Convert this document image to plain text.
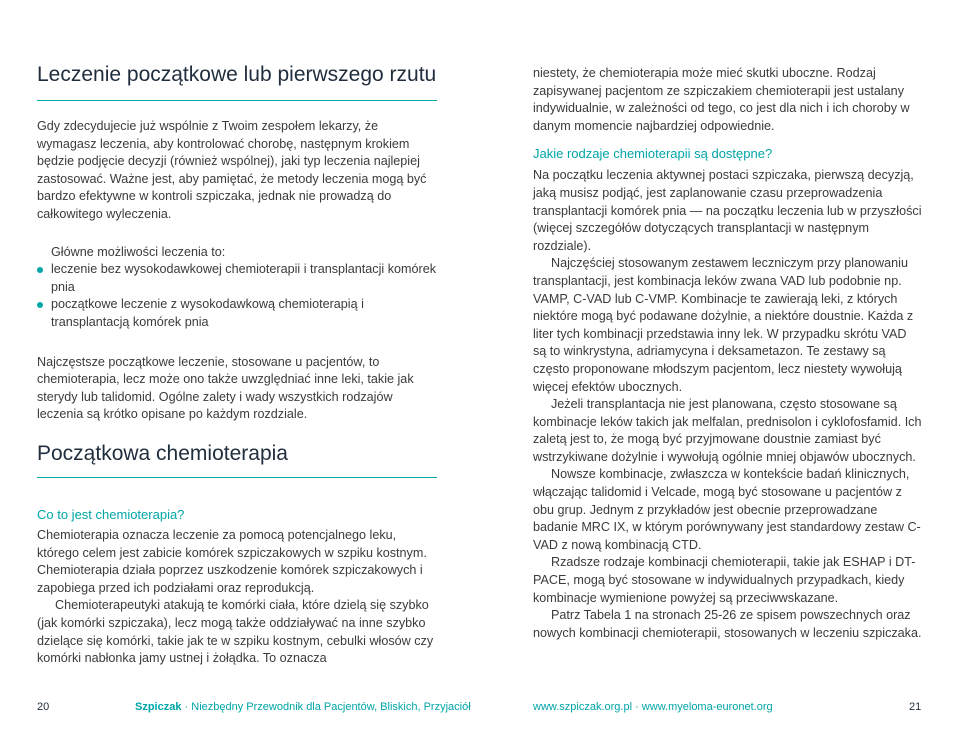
Leczenie początkowe lub pierwszego rzutu

Gdy zdecydujecie już wspólnie z Twoim zespołem lekarzy, że wymagasz leczenia, aby kontrolować chorobę, następnym krokiem będzie podjęcie decyzji (również wspólnej), jaki typ leczenia najlepiej zastosować. Ważne jest, aby pamiętać, że metody leczenia mogą być bardzo efektywne w kontroli szpiczaka, jednak nie prowadzą do całkowitego wyleczenia.

Główne możliwości leczenia to:

leczenie bez wysokodawkowej chemioterapii i transplantacji komórek pnia
początkowe leczenie z wysokodawkową chemioterapią i transplantacją komórek pnia

Najczęstsze początkowe leczenie, stosowane u pacjentów, to chemioterapia, lecz może ono także uwzględniać inne leki, takie jak sterydy lub talidomid. Ogólne zalety i wady wszystkich rodzajów leczenia są krótko opisane po każdym rozdziale.

Początkowa chemioterapia

Co to jest chemioterapia?

Chemioterapia oznacza leczenie za pomocą potencjalnego leku, którego celem jest zabicie komórek szpiczakowych w szpiku kostnym. Chemioterapia działa poprzez uszkodzenie komórek szpiczakowych i zapobiega przed ich podziałami oraz reprodukcją.

Chemioterapeutyki atakują te komórki ciała, które dzielą się szybko (jak komórki szpiczaka), lecz mogą także oddziaływać na inne szybko dzielące się komórki, takie jak te w szpiku kostnym, cebulki włosów czy komórki nabłonka jamy ustnej i żołądka. To oznacza

niestety, że chemioterapia może mieć skutki uboczne. Rodzaj zapisywanej pacjentom ze szpiczakiem chemioterapii jest ustalany indywidualnie, w zależności od tego, co jest dla nich i ich choroby w danym momencie najbardziej odpowiednie.

Jakie rodzaje chemioterapii są dostępne?

Na początku leczenia aktywnej postaci szpiczaka, pierwszą decyzją, jaką musisz podjąć, jest zaplanowanie czasu przeprowadzenia transplantacji komórek pnia — na początku leczenia lub w przyszłości (więcej szczegółów dotyczących transplantacji w następnym rozdziale).

Najczęściej stosowanym zestawem leczniczym przy planowaniu transplantacji, jest kombinacja leków zwana VAD lub podobnie np. VAMP, C-VAD lub C-VMP. Kombinacje te zawierają leki, z których niektóre mogą być podawane dożylnie, a niektóre doustnie. Każda z liter tych kombinacji przedstawia inny lek. W przypadku skrótu VAD są to winkrystyna, adriamycyna i deksametazon. Te zestawy są często proponowane młodszym pacjentom, lecz niestety wywołują więcej efektów ubocznych.

Jeżeli transplantacja nie jest planowana, często stosowane są kombinacje leków takich jak melfalan, prednisolon i cyklofosfamid. Ich zaletą jest to, że mogą być przyjmowane doustnie zamiast być wstrzykiwane dożylnie i wywołują ogólnie mniej objawów ubocznych.

Nowsze kombinacje, zwłaszcza w kontekście badań klinicznych, włączając talidomid i Velcade, mogą być stosowane u pacjentów z obu grup. Jednym z przykładów jest obecnie przeprowadzane badanie MRC IX, w którym porównywany jest standardowy zestaw C-VAD z nową kombinacją CTD.

Rzadsze rodzaje kombinacji chemioterapii, takie jak ESHAP i DT-PACE, mogą być stosowane w indywidualnych przypadkach, kiedy kombinacje wymienione powyżej są przeciwwskazane.

Patrz Tabela 1 na stronach 25-26 ze spisem powszechnych oraz nowych kombinacji chemioterapii, stosowanych w leczeniu szpiczaka.

20	Szpiczak · Niezbędny Przewodnik dla Pacjentów, Bliskich, Przyjaciół	www.szpiczak.org.pl · www.myeloma-euronet.org	21
